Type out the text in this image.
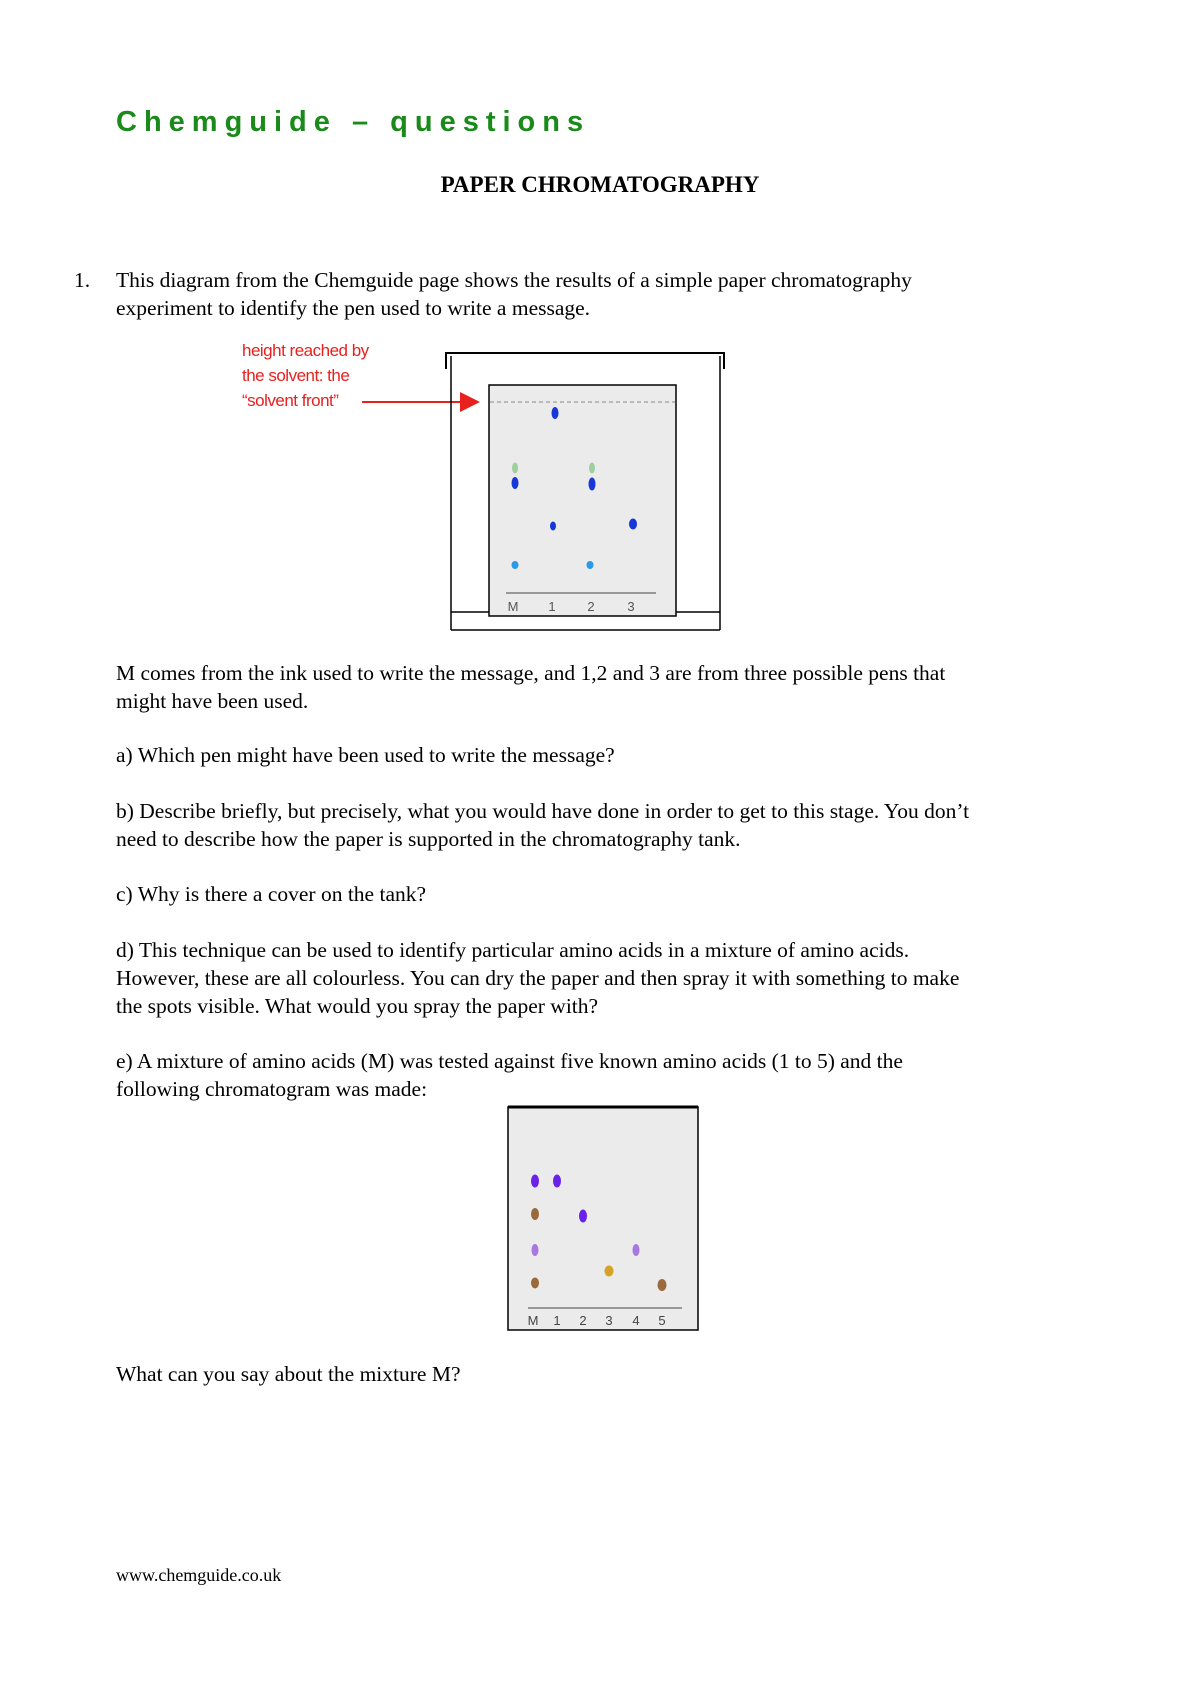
Chemguide – questions
PAPER CHROMATOGRAPHY
1. This diagram from the Chemguide page shows the results of a simple paper chromatography
experiment to identify the pen used to write a message.
height reached by
the solvent: the
“solvent front”
M 1 2	3
M 1 2 3 4 5
M comes from the ink used to write the message, and 1,2 and 3 are from three possible pens that
might have been used.
a) Which pen might have been used to write the message?
b) Describe briefly, but precisely, what you would have done in order to get to this stage. You don’t
need to describe how the paper is supported in the chromatography tank.
c) Why is there a cover on the tank?
d) This technique can be used to identify particular amino acids in a mixture of amino acids.
However, these are all colourless. You can dry the paper and then spray it with something to make
the spots visible. What would you spray the paper with?
e) A mixture of amino acids (M) was tested against five known amino acids (1 to 5) and the
following chromatogram was made:
What can you say about the mixture M?
www.chemguide.co.uk
